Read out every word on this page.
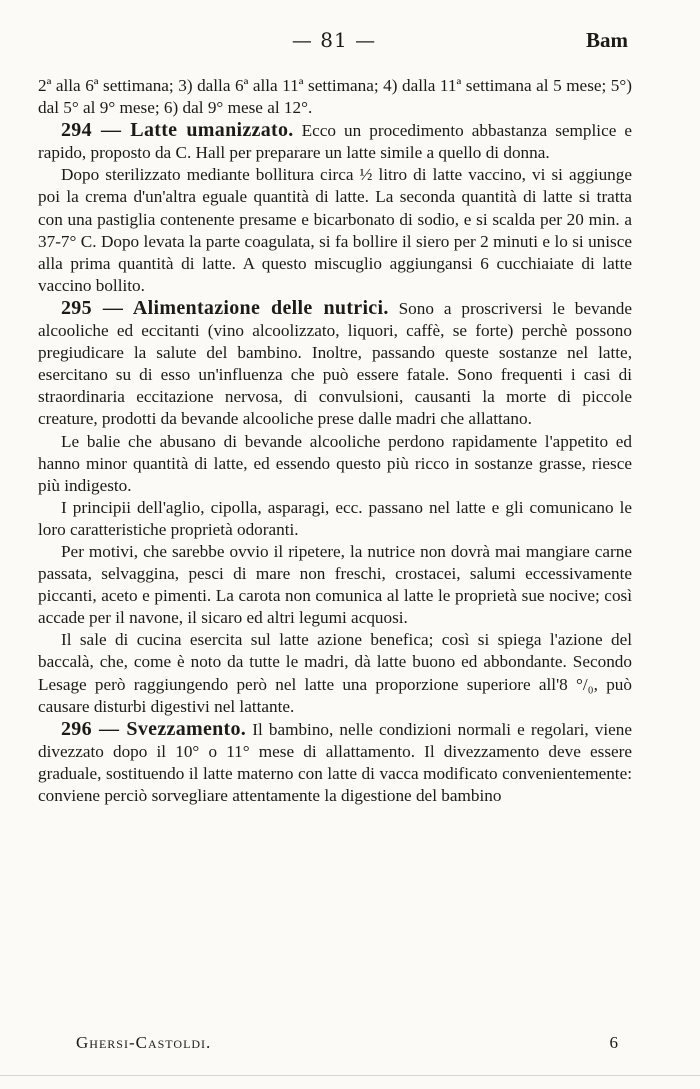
— 81 —	Bam

2ª alla 6ª settimana; 3) dalla 6ª alla 11ª settimana; 4) dalla 11ª settimana al 5 mese; 5°) dal 5° al 9° mese; 6) dal 9° mese al 12°.

294 — Latte umanizzato. Ecco un procedimento abbastanza semplice e rapido, proposto da C. Hall per preparare un latte simile a quello di donna.

Dopo sterilizzato mediante bollitura circa ½ litro di latte vaccino, vi si aggiunge poi la crema d'un'altra eguale quantità di latte. La seconda quantità di latte si tratta con una pastiglia contenente presame e bicarbonato di sodio, e si scalda per 20 min. a 37-7° C. Dopo levata la parte coagulata, si fa bollire il siero per 2 minuti e lo si unisce alla prima quantità di latte. A questo miscuglio aggiungansi 6 cucchiaiate di latte vaccino bollito.

295 — Alimentazione delle nutrici. Sono a proscriversi le bevande alcooliche ed eccitanti (vino alcoolizzato, liquori, caffè, se forte) perchè possono pregiudicare la salute del bambino. Inoltre, passando queste sostanze nel latte, esercitano su di esso un'influenza che può essere fatale. Sono frequenti i casi di straordinaria eccitazione nervosa, di convulsioni, causanti la morte di piccole creature, prodotti da bevande alcooliche prese dalle madri che allattano.

Le balie che abusano di bevande alcooliche perdono rapidamente l'appetito ed hanno minor quantità di latte, ed essendo questo più ricco in sostanze grasse, riesce più indigesto.

I principii dell'aglio, cipolla, asparagi, ecc. passano nel latte e gli comunicano le loro caratteristiche proprietà odoranti.

Per motivi, che sarebbe ovvio il ripetere, la nutrice non dovrà mai mangiare carne passata, selvaggina, pesci di mare non freschi, crostacei, salumi eccessivamente piccanti, aceto e pimenti. La carota non comunica al latte le proprietà sue nocive; così accade per il navone, il sicaro ed altri legumi acquosi.

Il sale di cucina esercita sul latte azione benefica; così si spiega l'azione del baccalà, che, come è noto da tutte le madri, dà latte buono ed abbondante. Secondo Lesage però raggiungendo però nel latte una proporzione superiore all'8 °/₀, può causare disturbi digestivi nel lattante.

296 — Svezzamento. Il bambino, nelle condizioni normali e regolari, viene divezzato dopo il 10° o 11° mese di allattamento. Il divezzamento deve essere graduale, sostituendo il latte materno con latte di vacca modificato convenientemente: conviene perciò sorvegliare attentamente la digestione del bambino

Ghersi-Castoldi.	6
